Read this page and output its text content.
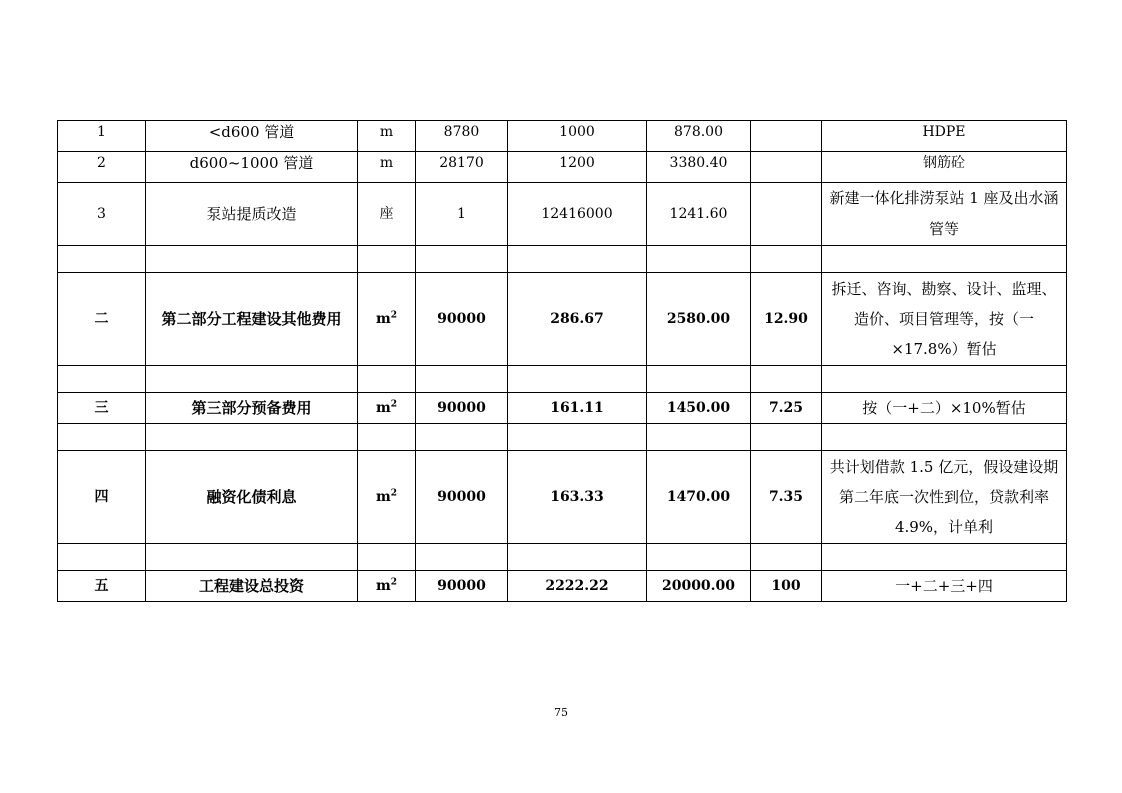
1	<d600 管道	m	8780	1000	878.00		HDPE
2	d600~1000 管道	m	28170	1200	3380.40		钢筋砼
3	泵站提质改造	座	1	12416000	1241.60		新建一体化排涝泵站 1 座及出水涵管等

二	第二部分工程建设其他费用	$m^2$	90000	286.67	2580.00	12.90	拆迁、咨询、勘察、设计、监理、造价、项目管理等，按（一×17.8%）暂估

三	第三部分预备费用	$m^2$	90000	161.11	1450.00	7.25	按（一+二）×10%暂估

四	融资化债利息	$m^2$	90000	163.33	1470.00	7.35	共计划借款 1.5 亿元，假设建设期第二年底一次性到位，贷款利率 4.9%，计单利

五	工程建设总投资	$m^2$	90000	2222.22	20000.00	100	一+二+三+四
75
